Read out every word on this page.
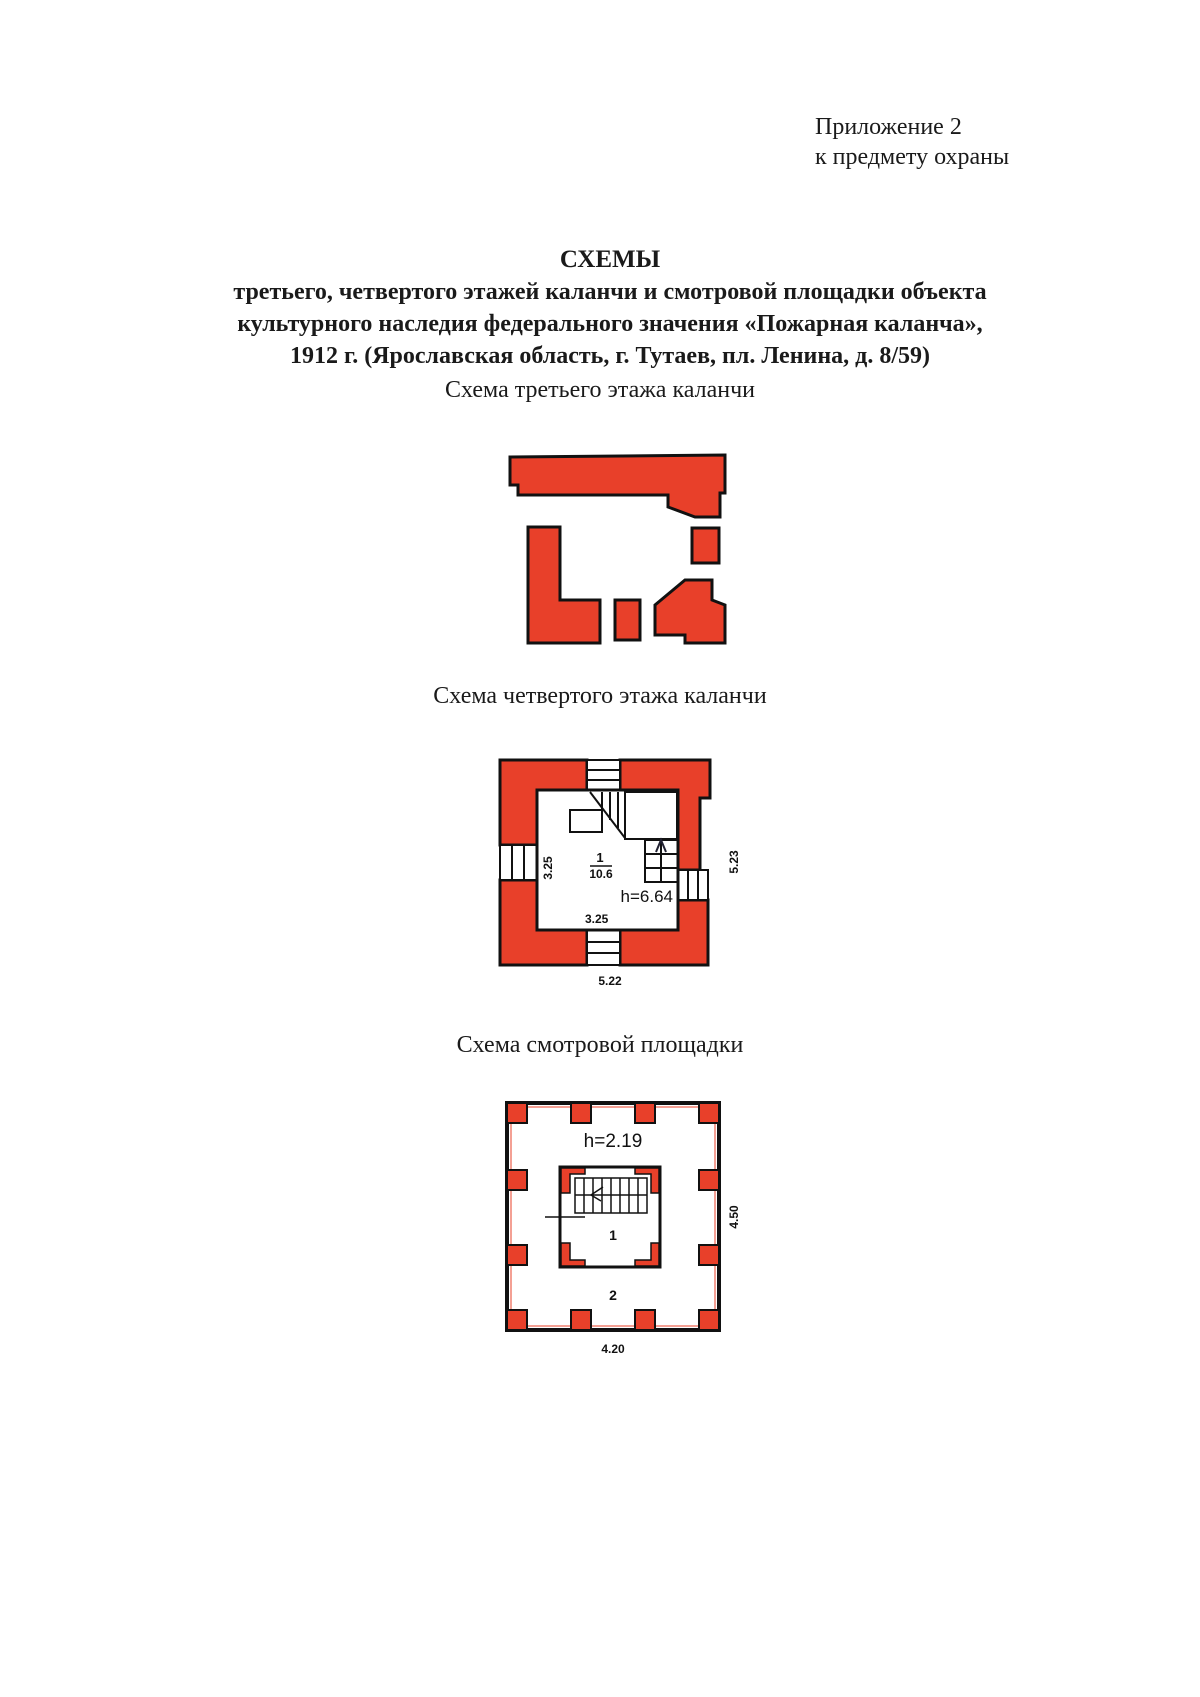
Приложение 2
к предмету охраны
СХЕМЫ
третьего, четвертого этажей каланчи и смотровой площадки объекта
культурного наследия федерального значения «Пожарная каланча»,
1912 г. (Ярославская область, г. Тутаев, пл. Ленина, д. 8/59)
Схема третьего этажа каланчи
Схема четвертого этажа каланчи
1
10.6
h=6.64
3.25
3.25	5.23
5.22
Схема смотровой площадки
h=2.19
1
2
4.50
4.20
